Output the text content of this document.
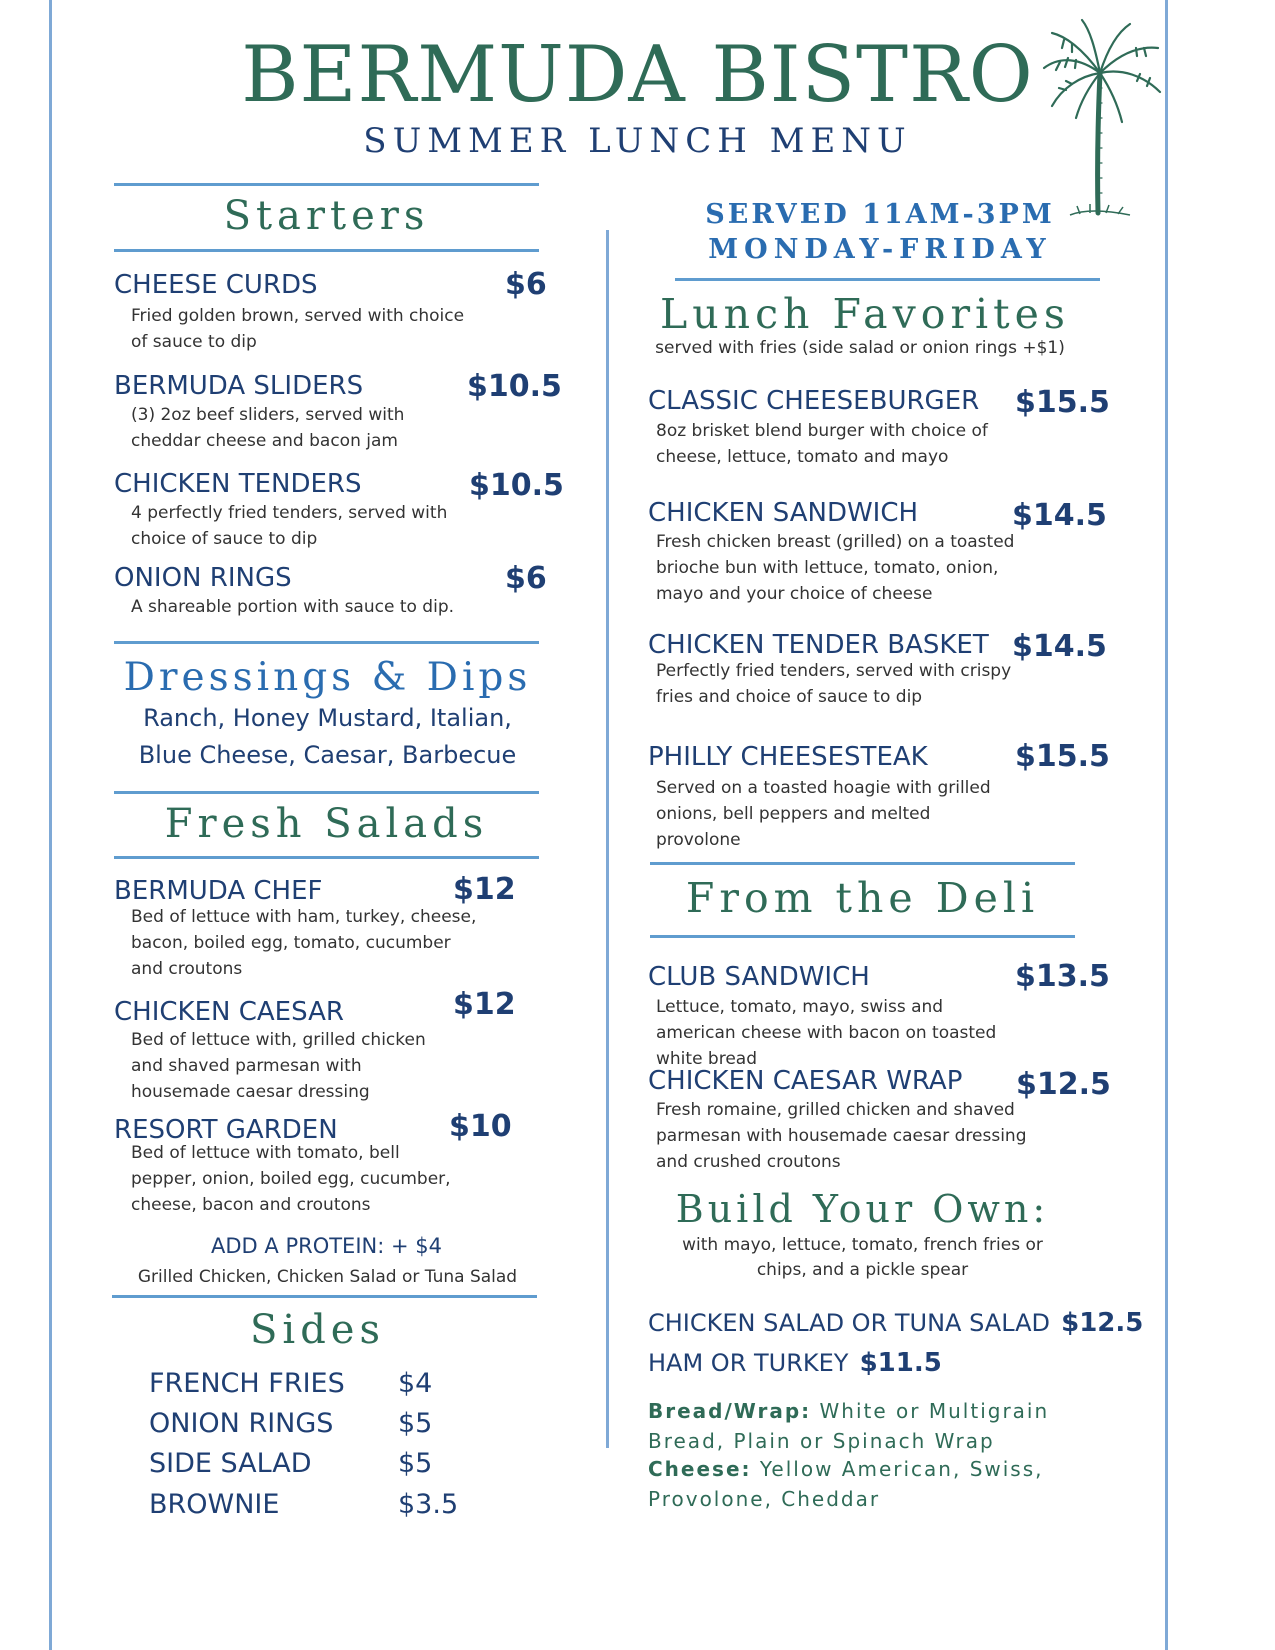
BERMUDA BISTRO
SUMMER LUNCH MENU
Starters
CHEESE CURDS	$6
Fried golden brown, served with choice of sauce to dip
BERMUDA SLIDERS	$10.5
(3) 2oz beef sliders, served with cheddar cheese and bacon jam
CHICKEN TENDERS	$10.5
4 perfectly fried tenders, served with choice of sauce to dip
ONION RINGS	$6
A shareable portion with sauce to dip.
Dressings & Dips
Ranch, Honey Mustard, Italian,
Blue Cheese, Caesar, Barbecue
Fresh Salads
BERMUDA CHEF	$12
Bed of lettuce with ham, turkey, cheese, bacon, boiled egg, tomato, cucumber and croutons
CHICKEN CAESAR	$12
Bed of lettuce with, grilled chicken and shaved parmesan with housemade caesar dressing
RESORT GARDEN	$10
Bed of lettuce with tomato, bell pepper, onion, boiled egg, cucumber, cheese, bacon and croutons
ADD A PROTEIN: + $4
Grilled Chicken, Chicken Salad or Tuna Salad
Sides
FRENCH FRIES $4
ONION RINGS $5
SIDE SALAD	$5
BROWNIE	$3.5
SERVED 11AM-3PM
MONDAY-FRIDAY
Lunch Favorites
served with fries (side salad or onion rings +$1)
CLASSIC CHEESEBURGER $15.5
8oz brisket blend burger with choice of cheese, lettuce, tomato and mayo
CHICKEN SANDWICH	$14.5
Fresh chicken breast (grilled) on a toasted brioche bun with lettuce, tomato, onion, mayo and your choice of cheese
CHICKEN TENDER BASKET $14.5
Perfectly fried tenders, served with crispy fries and choice of sauce to dip
PHILLY CHEESESTEAK	$15.5
Served on a toasted hoagie with grilled onions, bell peppers and melted provolone
From the Deli
CLUB SANDWICH	$13.5
Lettuce, tomato, mayo, swiss and american cheese with bacon on toasted white bread
CHICKEN CAESAR WRAP $12.5
Fresh romaine, grilled chicken and shaved parmesan with housemade caesar dressing and crushed croutons
Build Your Own:
with mayo, lettuce, tomato, french fries or chips, and a pickle spear
CHICKEN SALAD OR TUNA SALAD $12.5
HAM OR TURKEY $11.5
Bread/Wrap: White or Multigrain Bread, Plain or Spinach Wrap
Cheese: Yellow American, Swiss, Provolone, Cheddar
